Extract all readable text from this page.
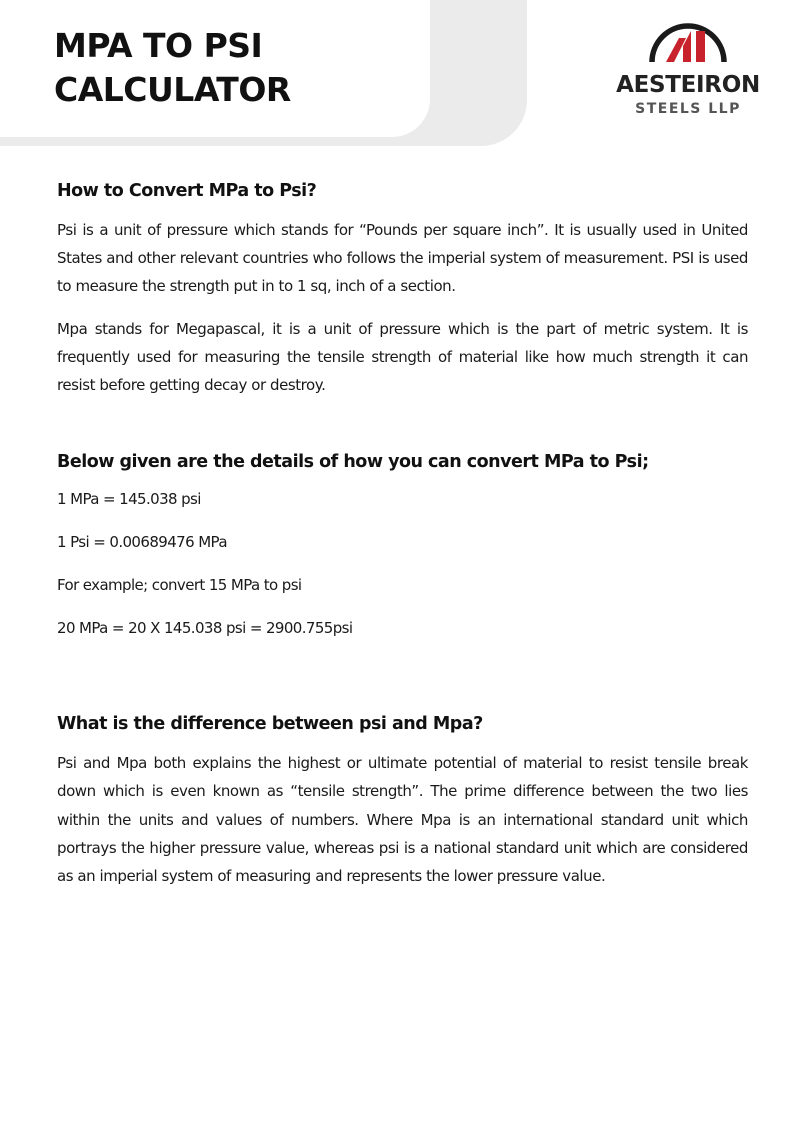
MPA TO PSI
CALCULATOR	AESTEIRON
STEELS LLP
How to Convert MPa to Psi?

Psi is a unit of pressure which stands for “Pounds per square inch”. It is usually used in United States and other relevant countries who follows the imperial system of measurement. PSI is used to measure the strength put in to 1 sq, inch of a section.

Mpa stands for Megapascal, it is a unit of pressure which is the part of metric system. It is frequently used for measuring the tensile strength of material like how much strength it can resist before getting decay or destroy.

Below given are the details of how you can convert MPa to Psi;

1 MPa = 145.038 psi

1 Psi = 0.00689476 MPa

For example; convert 15 MPa to psi

20 MPa = 20 X 145.038 psi = 2900.755psi

What is the difference between psi and Mpa?

Psi and Mpa both explains the highest or ultimate potential of material to resist tensile break down which is even known as “tensile strength”. The prime difference between the two lies within the units and values of numbers. Where Mpa is an international standard unit which portrays the higher pressure value, whereas psi is a national standard unit which are considered as an imperial system of measuring and represents the lower pressure value.
